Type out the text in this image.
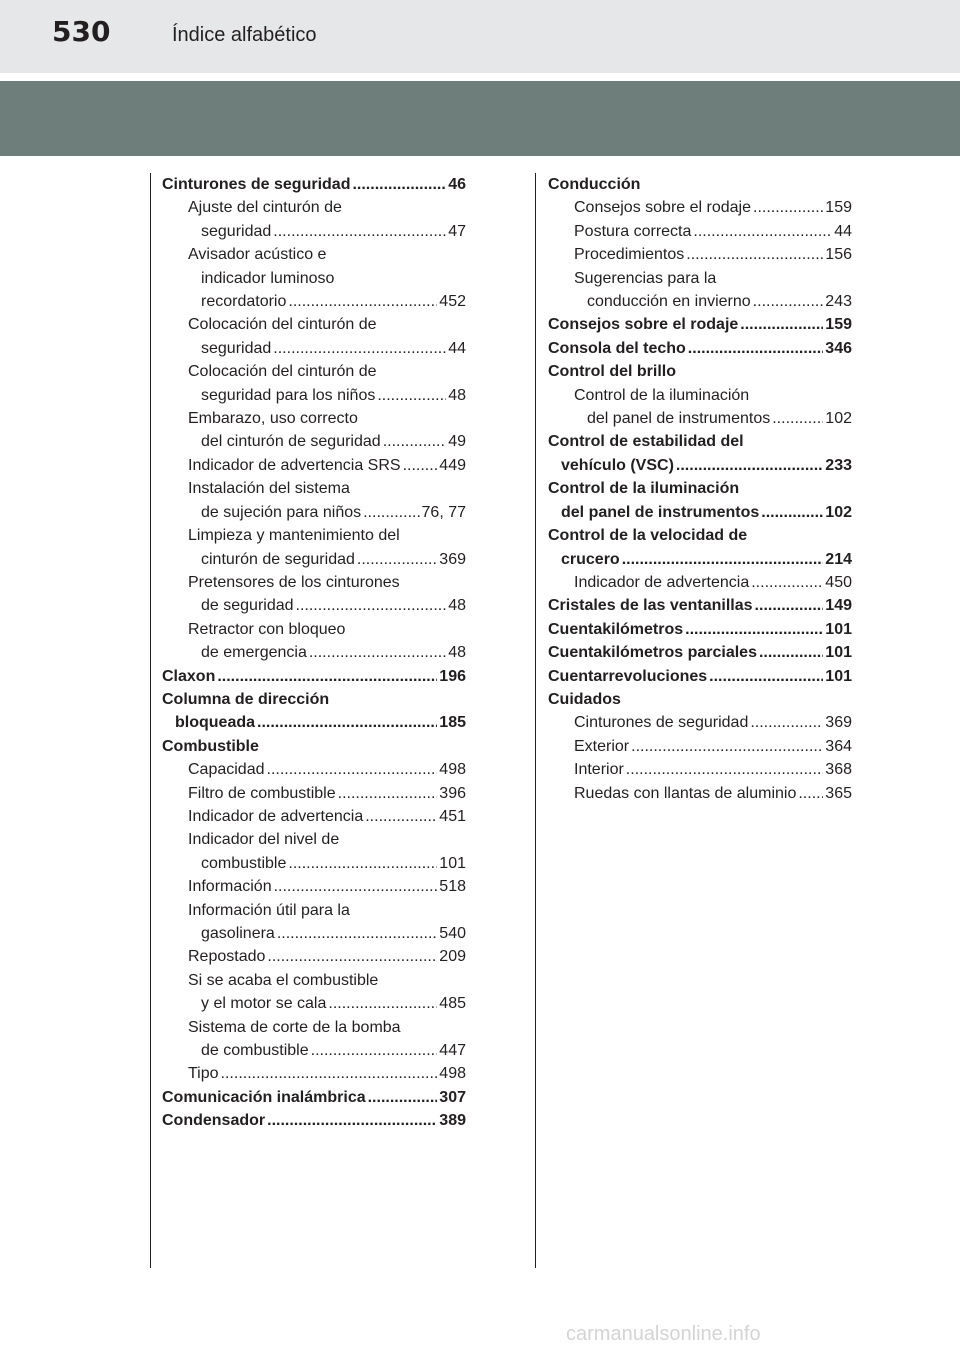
530	Índice alfabético
Cinturones de seguridad .....	46
Ajuste del cinturón de
seguridad .....	47
Avisador acústico e
indicador luminoso
recordatorio .....	452
Colocación del cinturón de
seguridad .....	44
Colocación del cinturón de
seguridad para los niños .....	48
Embarazo, uso correcto
del cinturón de seguridad .....	49
Indicador de advertencia SRS ..... 449
Instalación del sistema
de sujeción para niños .....	76, 77
Limpieza y mantenimiento del
cinturón de seguridad .....	369
Pretensores de los cinturones
de seguridad .....	48
Retractor con bloqueo
de emergencia .....	48
Claxon .....	196
Columna de dirección
bloqueada .....	185
Combustible
Capacidad .....	498
Filtro de combustible .....	396
Indicador de advertencia .....	451
Indicador del nivel de
combustible .....	101
Información .....	518
Información útil para la
gasolinera .....	540
Repostado .....	209
Si se acaba el combustible
y el motor se cala .....	485
Sistema de corte de la bomba
de combustible .....	447
Tipo .....	498
Comunicación inalámbrica .....	307
Condensador .....	389
Conducción
Consejos sobre el rodaje .....	159
Postura correcta .....	44
Procedimientos .....	156
Sugerencias para la
conducción en invierno .....	243
Consejos sobre el rodaje .....	159
Consola del techo .....	346
Control del brillo
Control de la iluminación
del panel de instrumentos .....	102
Control de estabilidad del
vehículo (VSC) .....	233
Control de la iluminación
del panel de instrumentos .....	102
Control de la velocidad de
crucero .....	214
Indicador de advertencia .....	450
Cristales de las ventanillas .....	149
Cuentakilómetros .....	101
Cuentakilómetros parciales .....	101
Cuentarrevoluciones .....	101
Cuidados
Cinturones de seguridad .....	369
Exterior .....	364
Interior .....	368
Ruedas con llantas de aluminio ..... 365
carmanualsonline.info
